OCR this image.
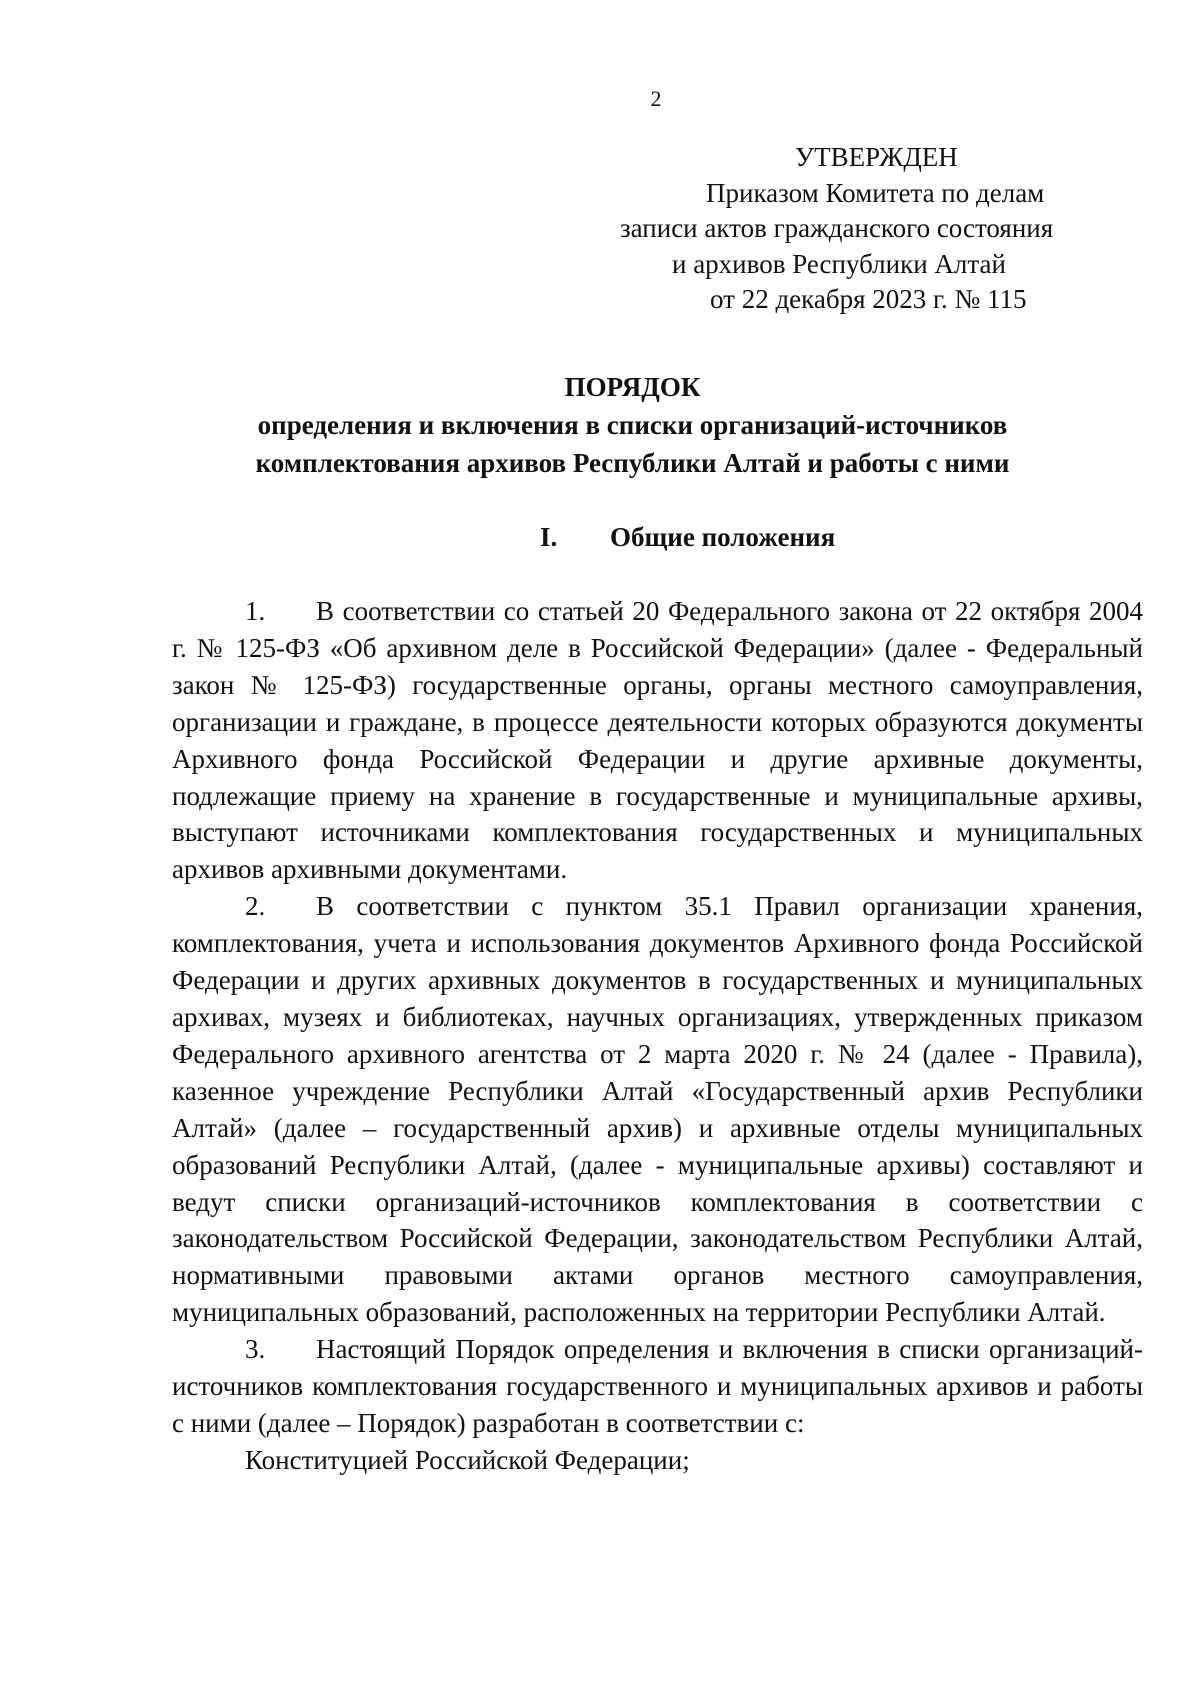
2
УТВЕРЖДЕН
Приказом Комитета по делам
записи актов гражданского состояния
и архивов Республики Алтай
от 22 декабря 2023 г. № 115
ПОРЯДОК
определения и включения в списки организаций-источников
комплектования архивов Республики Алтай и работы с ними
I. Общие положения

1. В соответствии со статьей 20 Федерального закона от 22 октября 2004 г. № 125-ФЗ «Об архивном деле в Российской Федерации» (далее - Федеральный закон № 125-ФЗ) государственные органы, органы местного самоуправления, организации и граждане, в процессе деятельности которых образуются документы Архивного фонда Российской Федерации и другие архивные документы, подлежащие приему на хранение в государственные и муниципальные архивы, выступают источниками комплектования государственных и муниципальных архивов архивными документами.

2. В соответствии с пунктом 35.1 Правил организации хранения, комплектования, учета и использования документов Архивного фонда Российской Федерации и других архивных документов в государственных и муниципальных архивах, музеях и библиотеках, научных организациях, утвержденных приказом Федерального архивного агентства от 2 марта 2020 г. № 24 (далее - Правила), казенное учреждение Республики Алтай «Государственный архив Республики Алтай» (далее – государственный архив) и архивные отделы муниципальных образований Республики Алтай, (далее - муниципальные архивы) составляют и ведут списки организаций-источников комплектования в соответствии с законодательством Российской Федерации, законодательством Республики Алтай, нормативными правовыми актами органов местного самоуправления, муниципальных образований, расположенных на территории Республики Алтай.

3. Настоящий Порядок определения и включения в списки организаций-источников комплектования государственного и муниципальных архивов и работы с ними (далее – Порядок) разработан в соответствии с:

Конституцией Российской Федерации;
